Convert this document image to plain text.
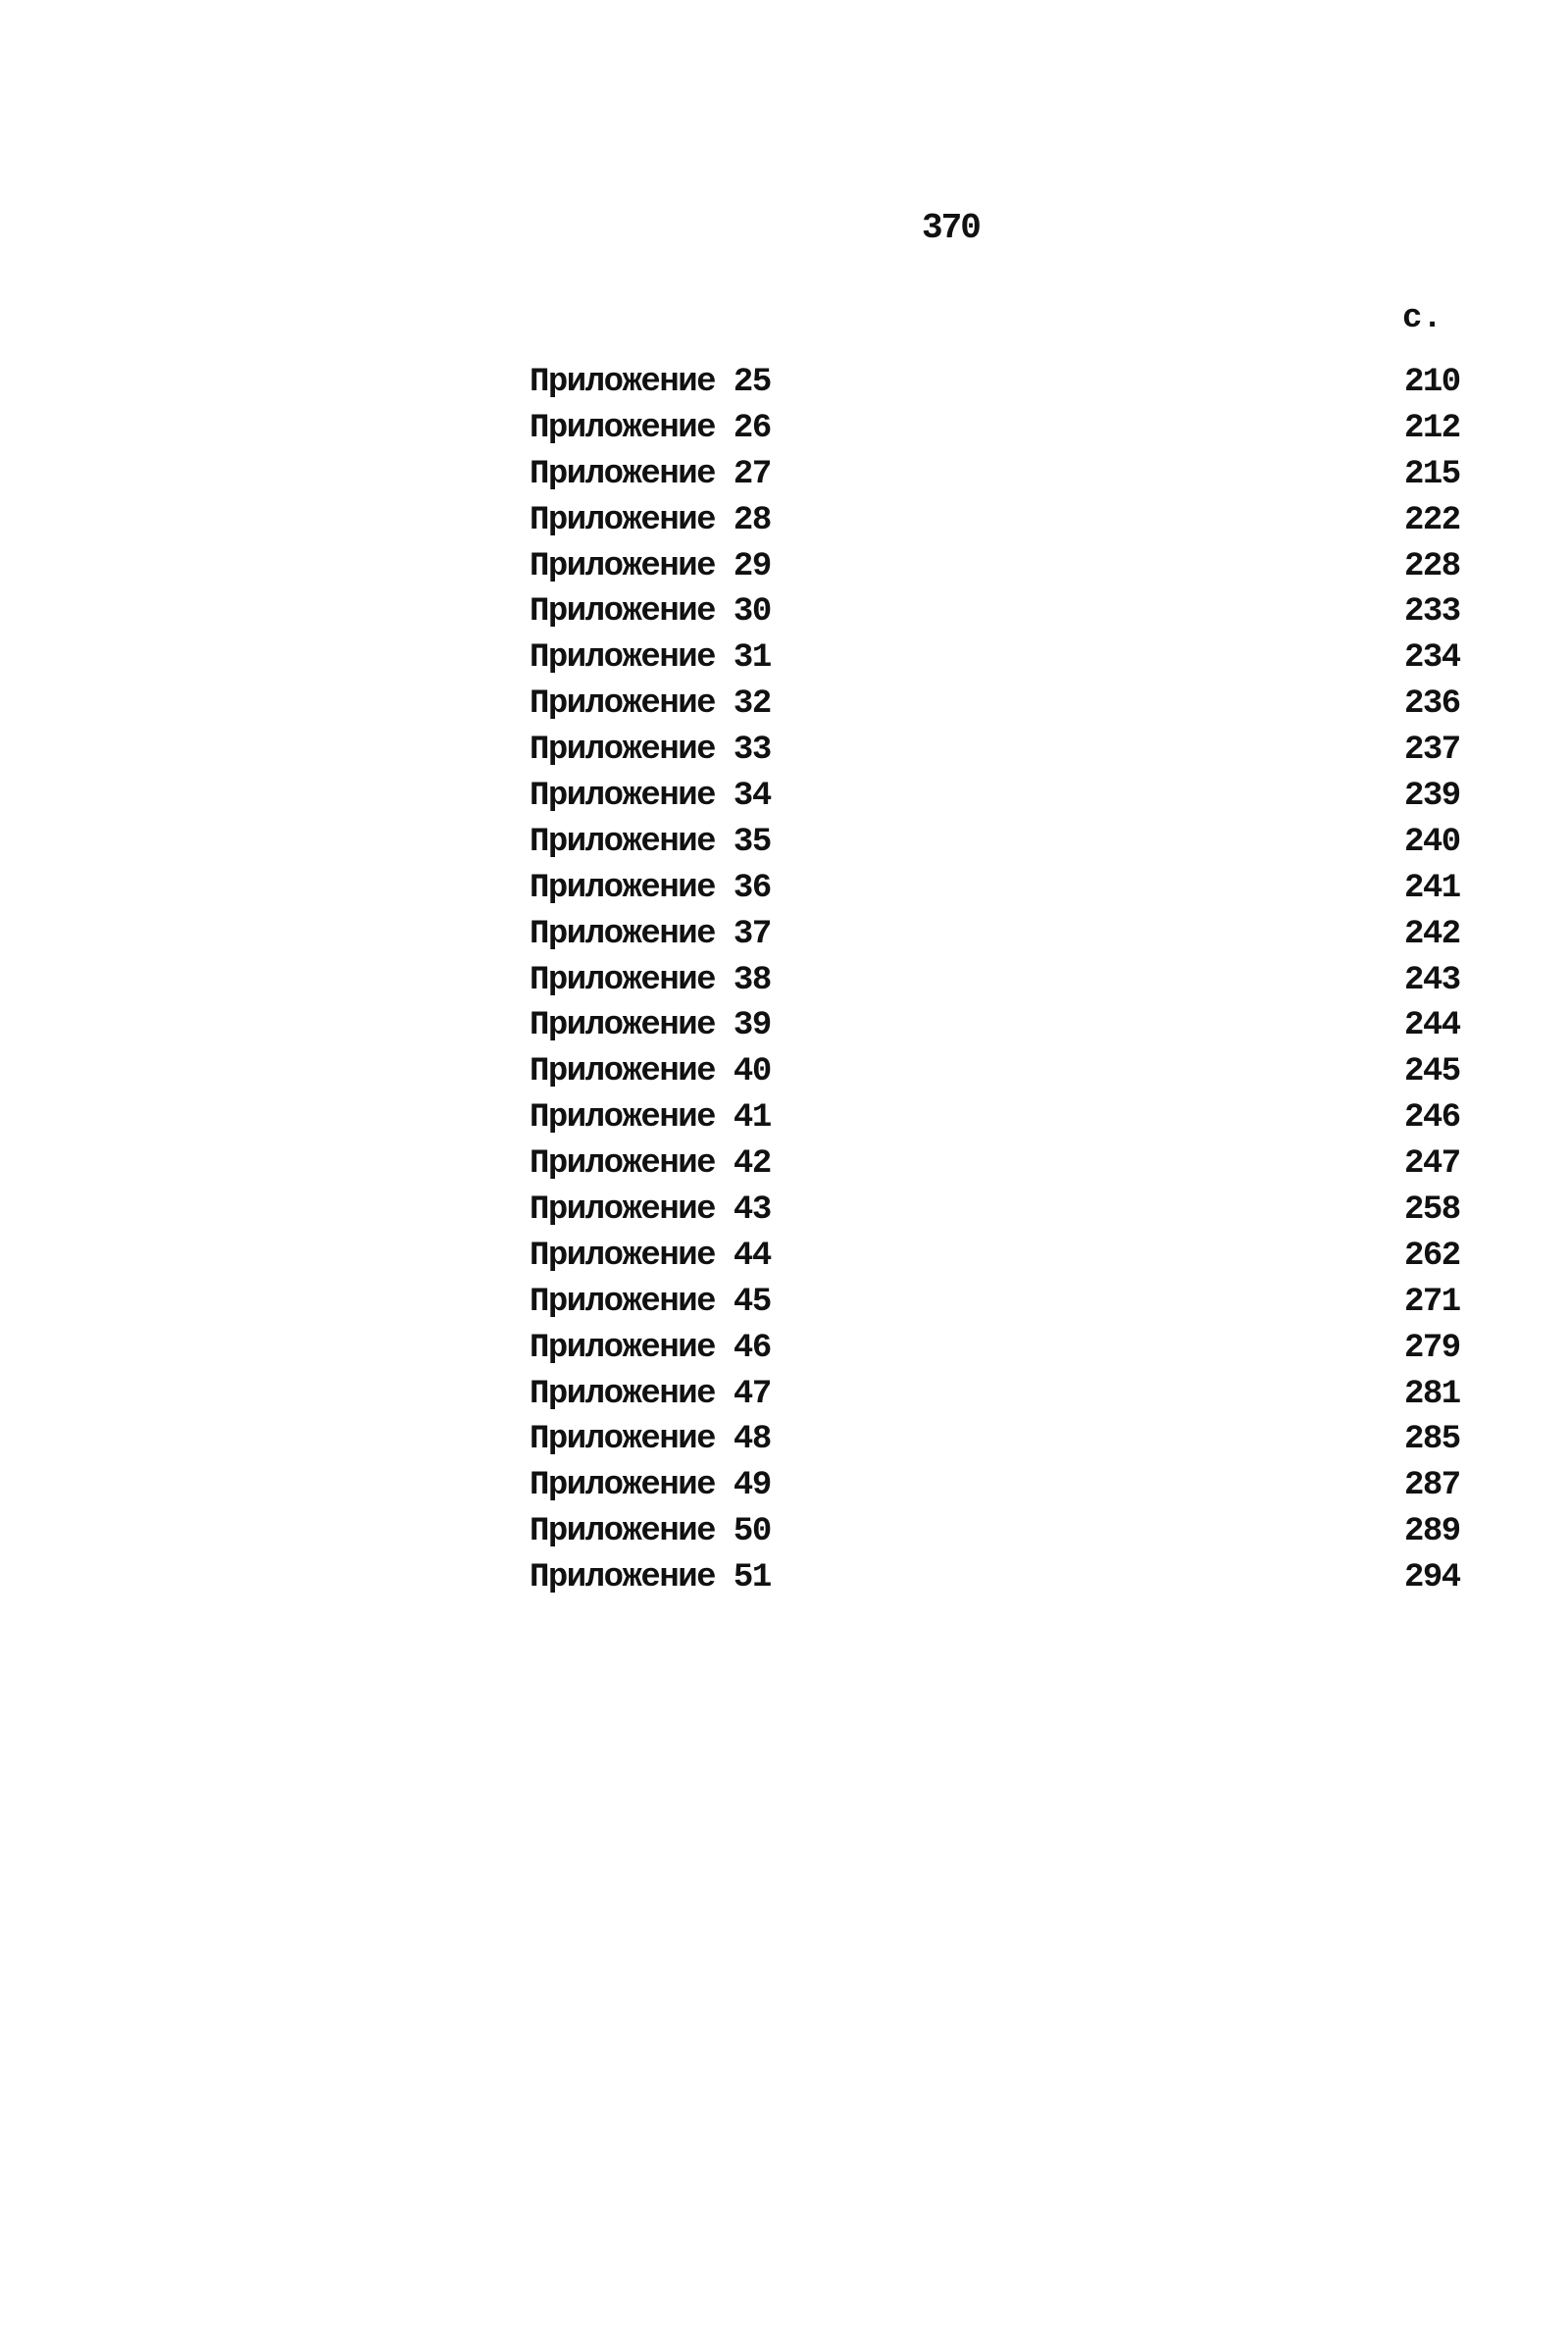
370
с.
Приложение 25	210
Приложение 26	212
Приложение 27	215
Приложение 28	222
Приложение 29	228
Приложение 30	233
Приложение 31	234
Приложение 32	236
Приложение 33	237
Приложение 34	239
Приложение 35	240
Приложение 36	241
Приложение 37	242
Приложение 38	243
Приложение 39	244
Приложение 40	245
Приложение 41	246
Приложение 42	247
Приложение 43	258
Приложение 44	262
Приложение 45	271
Приложение 46	279
Приложение 47	281
Приложение 48	285
Приложение 49	287
Приложение 50	289
Приложение 51	294
